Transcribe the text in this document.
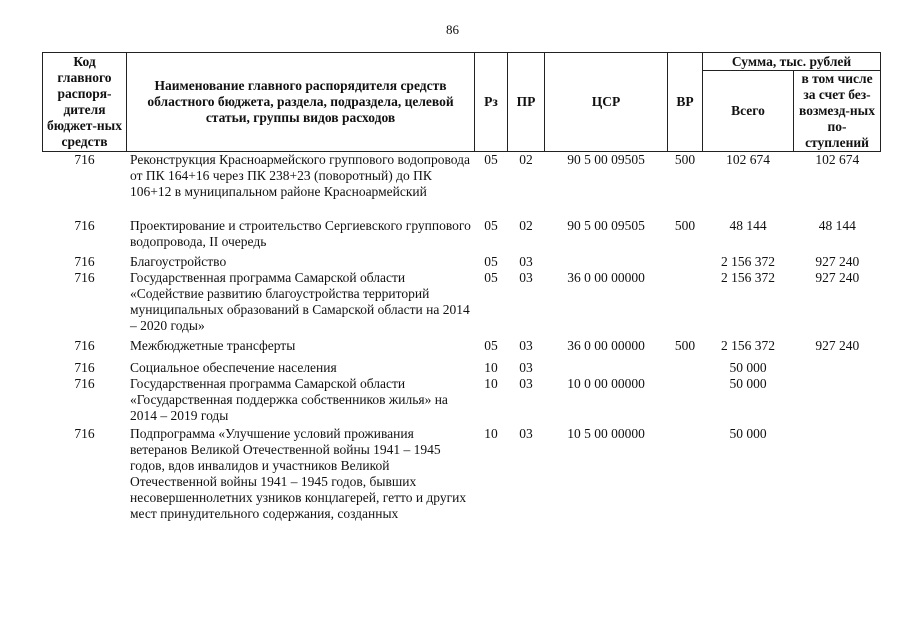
86
Код главного распоря-дителя бюджет-ных средств	Наименование главного распорядителя средств областного бюджета, раздела, подраздела, целевой статьи, группы видов расходов	Рз	ПР	ЦСР	ВР	Сумма, тыс. рублей	
						Всего	в том числе за счет без-возмезд-ных по-ступлений
716	Реконструкция Красноармейского группового водопровода от ПК 164+16 через ПК 238+23 (поворотный) до ПК 106+12 в муниципальном районе Красноармейский	05	02	90 5 00 09505	500	102 674	102 674
716	Проектирование и строительство Сергиевского группового водопровода, II очередь	05	02	90 5 00 09505	500	48 144	48 144
716	Благоустройство	05	03			2 156 372	927 240
716	Государственная программа Самарской области «Содействие развитию благоустройства территорий муниципальных образований в Самарской области на 2014 – 2020 годы»	05	03	36 0 00 00000		2 156 372	927 240
716	Межбюджетные трансферты	05	03	36 0 00 00000	500	2 156 372	927 240
716	Социальное обеспечение населения	10	03			50 000	
716	Государственная программа Самарской области «Государственная поддержка собственников жилья» на 2014 – 2019 годы	10	03	10 0 00 00000		50 000	
716	Подпрограмма «Улучшение условий проживания ветеранов Великой Отечественной войны 1941 – 1945 годов, вдов инвалидов и участников Великой Отечественной войны 1941 – 1945 годов, бывших несовершеннолетних узников концлагерей, гетто и других мест принудительного содержания, созданных	10	03	10 5 00 00000		50 000	
